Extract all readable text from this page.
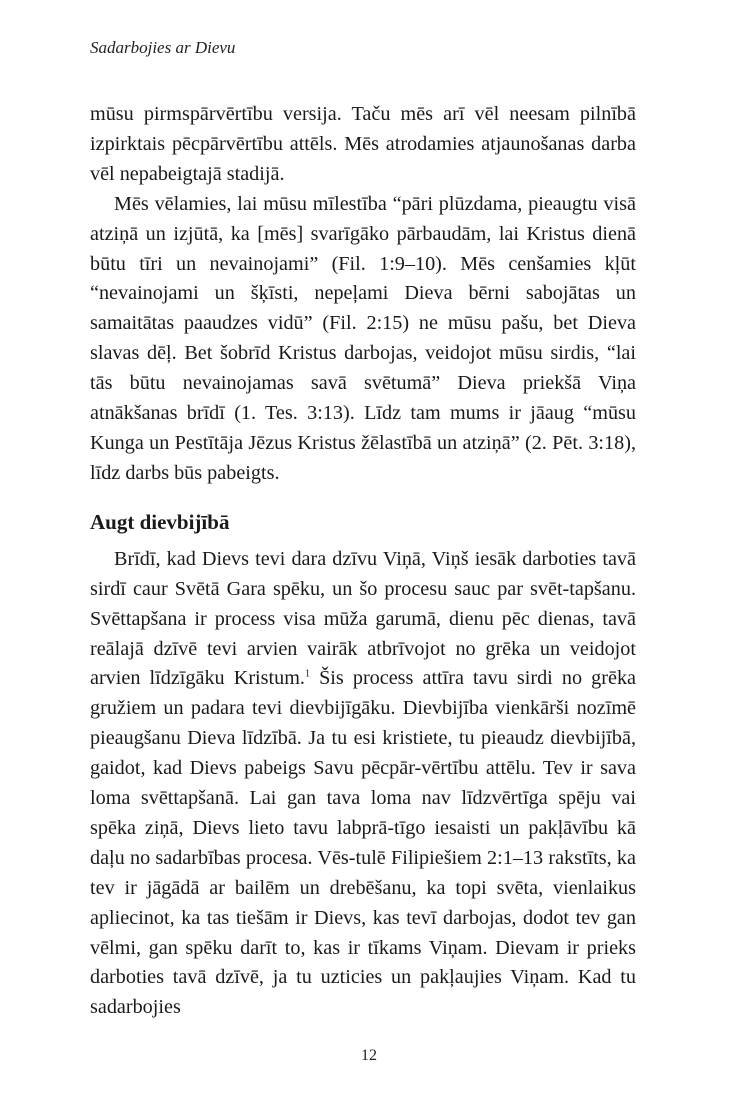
Sadarbojies ar Dievu

mūsu pirmspārvērtību versija. Taču mēs arī vēl neesam pilnībā izpirktais pēcpārvērtību attēls. Mēs atrodamies atjaunošanas darba vēl nepabeigtajā stadijā.

Mēs vēlamies, lai mūsu mīlestība “pāri plūzdama, pieaugtu visā atziņā un izjūtā, ka [mēs] svarīgāko pārbaudām, lai Kristus dienā būtu tīri un nevainojami” (Fil. 1:9–10). Mēs cenšamies kļūt “nevainojami un šķīsti, nepeļami Dieva bērni sabojātas un samaitātas paaudzes vidū” (Fil. 2:15) ne mūsu pašu, bet Dieva slavas dēļ. Bet šobrīd Kristus darbojas, veidojot mūsu sirdis, “lai tās būtu nevainojamas savā svētumā” Dieva priekšā Viņa atnākšanas brīdī (1. Tes. 3:13). Līdz tam mums ir jāaug “mūsu Kunga un Pestītāja Jēzus Kristus žēlastībā un atziņā” (2. Pēt. 3:18), līdz darbs būs pabeigts.

Augt dievbijībā

Brīdī, kad Dievs tevi dara dzīvu Viņā, Viņš iesāk darboties tavā sirdī caur Svētā Gara spēku, un šo procesu sauc par svēt-tapšanu. Svēttapšana ir process visa mūža garumā, dienu pēc dienas, tavā reālajā dzīvē tevi arvien vairāk atbrīvojot no grēka un veidojot arvien līdzīgāku Kristum.$^1$ Šis process attīra tavu sirdi no grēka gružiem un padara tevi dievbijīgāku. Dievbijība vienkārši nozīmē pieaugšanu Dieva līdzībā. Ja tu esi kristiete, tu pieaudz dievbijībā, gaidot, kad Dievs pabeigs Savu pēcpār-vērtību attēlu. Tev ir sava loma svēttapšanā. Lai gan tava loma nav līdzvērtīga spēju vai spēka ziņā, Dievs lieto tavu labprā-tīgo iesaisti un pakļāvību kā daļu no sadarbības procesa. Vēs-tulē Filipiešiem 2:1–13 rakstīts, ka tev ir jāgādā ar bailēm un drebēšanu, ka topi svēta, vienlaikus apliecinot, ka tas tiešām ir Dievs, kas tevī darbojas, dodot tev gan vēlmi, gan spēku darīt to, kas ir tīkams Viņam. Dievam ir prieks darboties tavā dzīvē, ja tu uzticies un pakļaujies Viņam. Kad tu sadarbojies

12
